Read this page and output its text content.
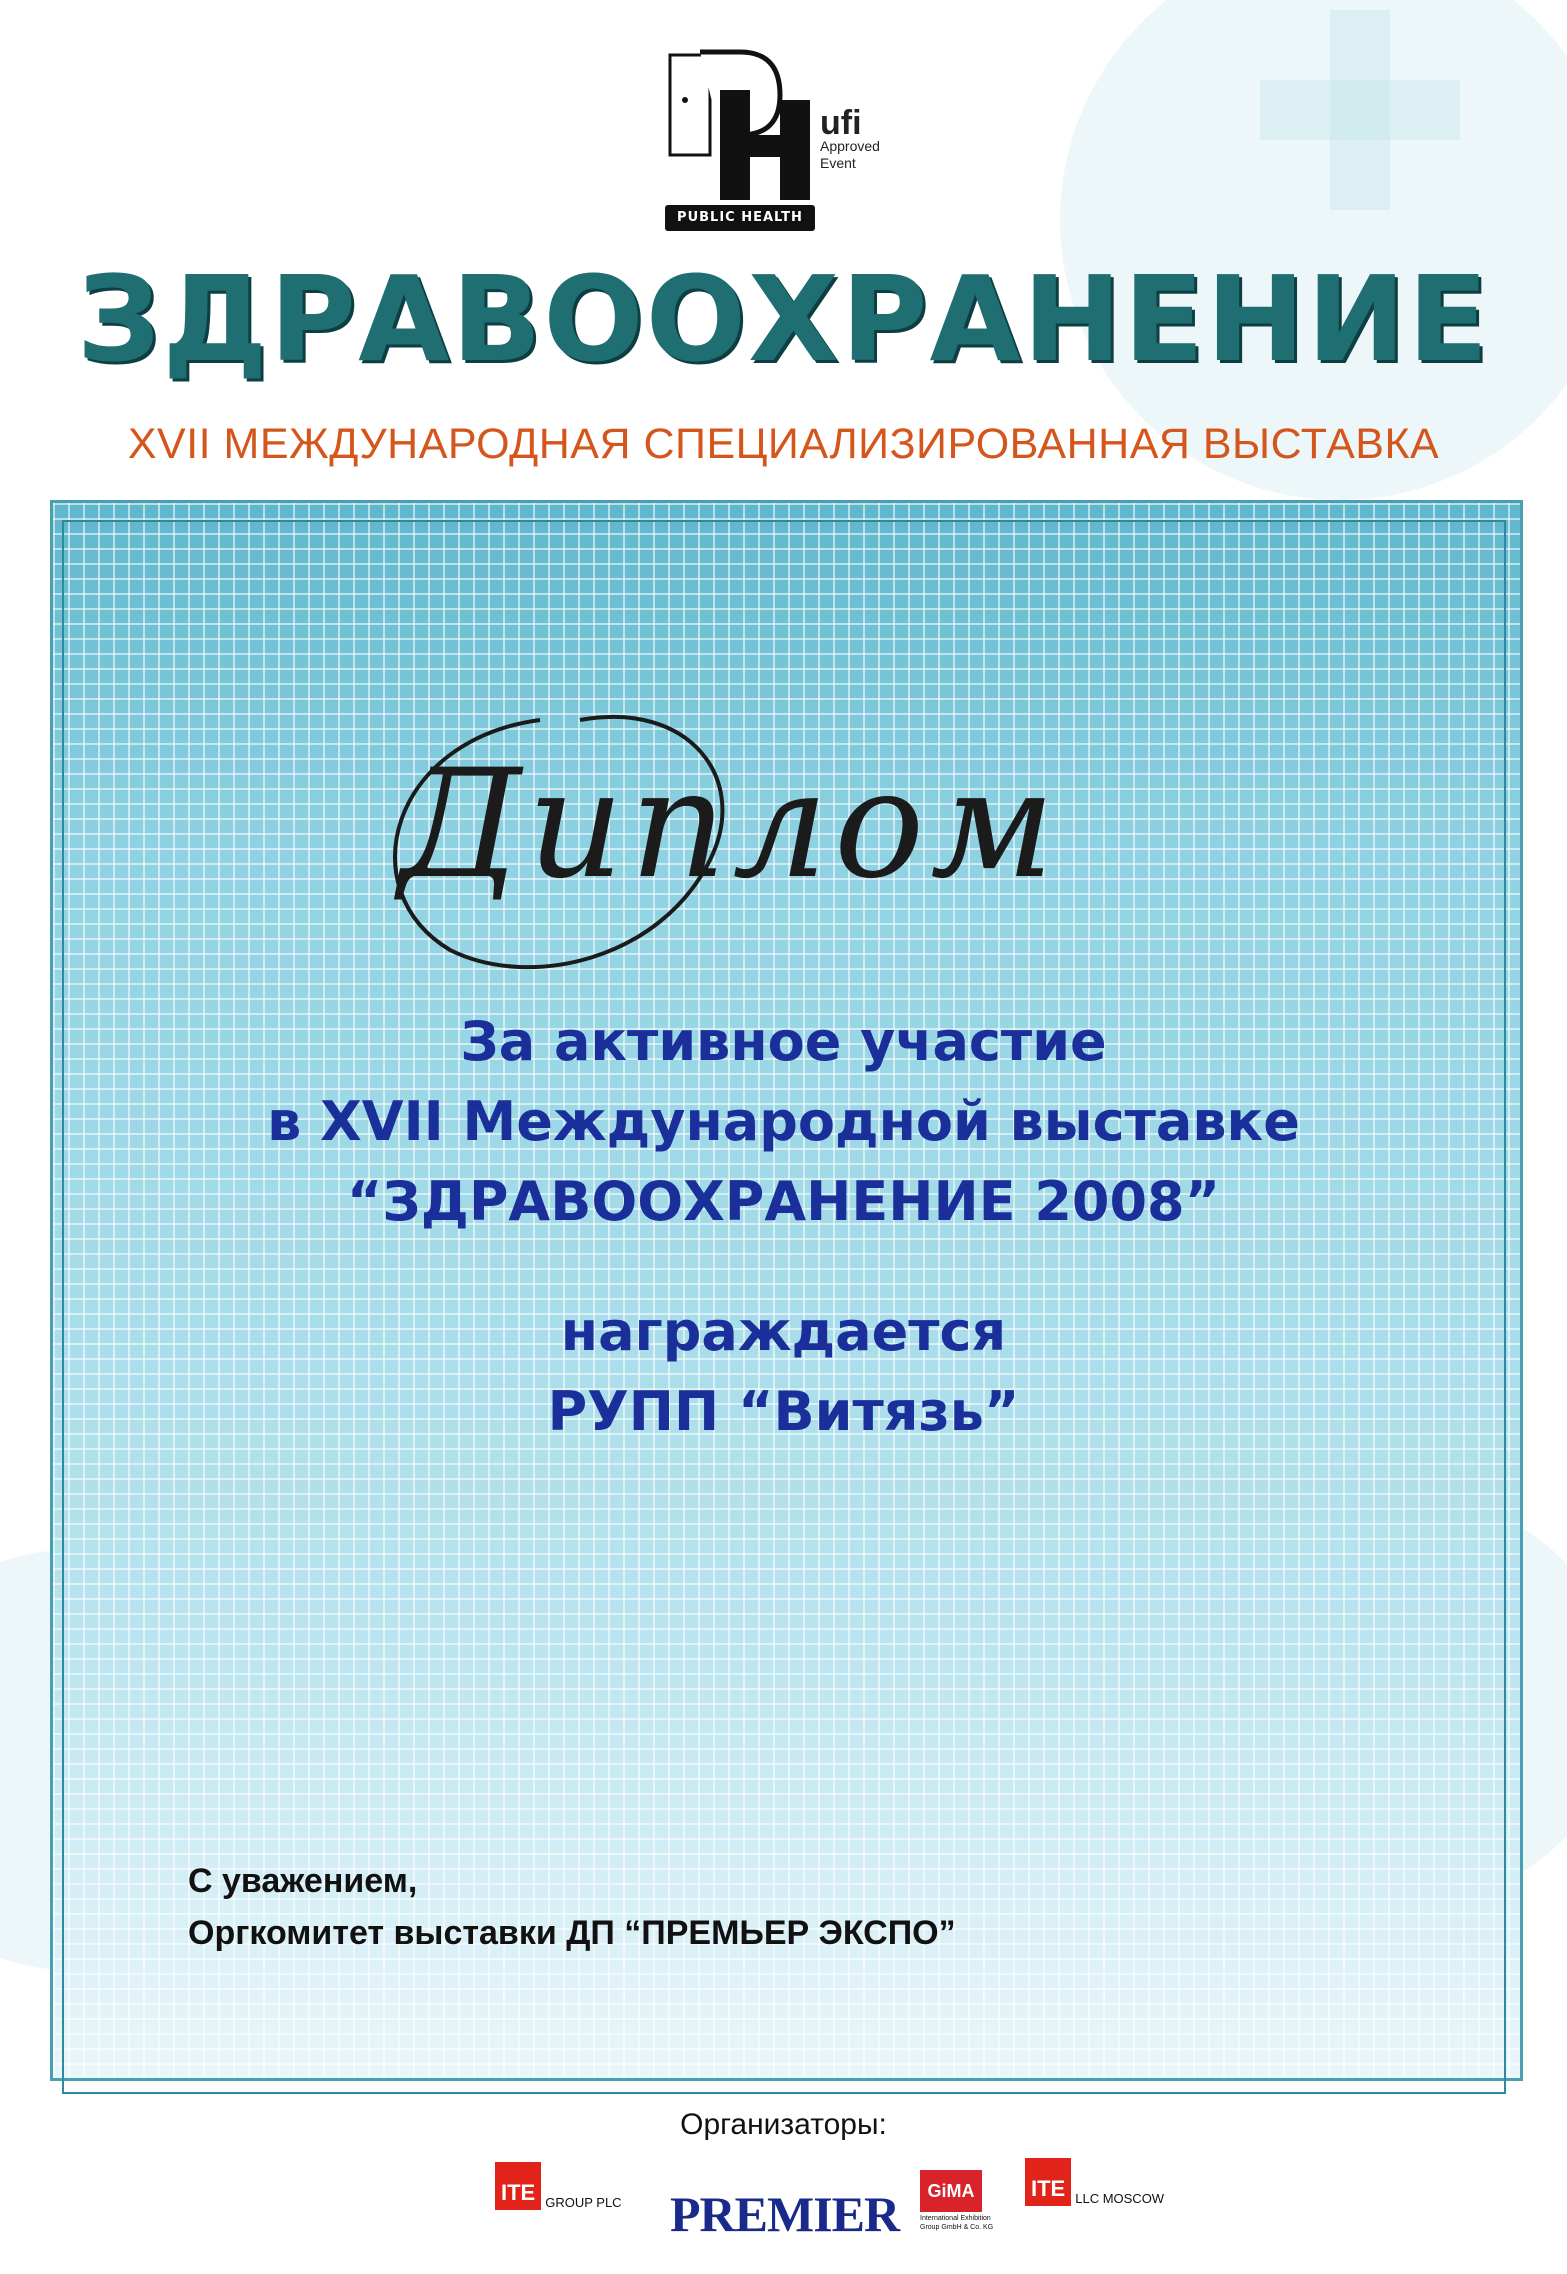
ufi
Approved
Event
PUBLIC HEALTH
ЗДРАВООХРАНЕНИЕ
XVII МЕЖДУНАРОДНАЯ СПЕЦИАЛИЗИРОВАННАЯ ВЫСТАВКА
Диплом
За активное участие
в XVII Международной выставке
“ЗДРАВООХРАНЕНИЕ 2008”
награждается
РУПП “Витязь”
С уважением,
Оргкомитет выставки ДП “ПРЕМЬЕР ЭКСПО”
Организаторы:
ITE GROUP PLC PREMIER	GiMA
International Exhibition Group GmbH & Co. KG
ITE LLC MOSCOW
